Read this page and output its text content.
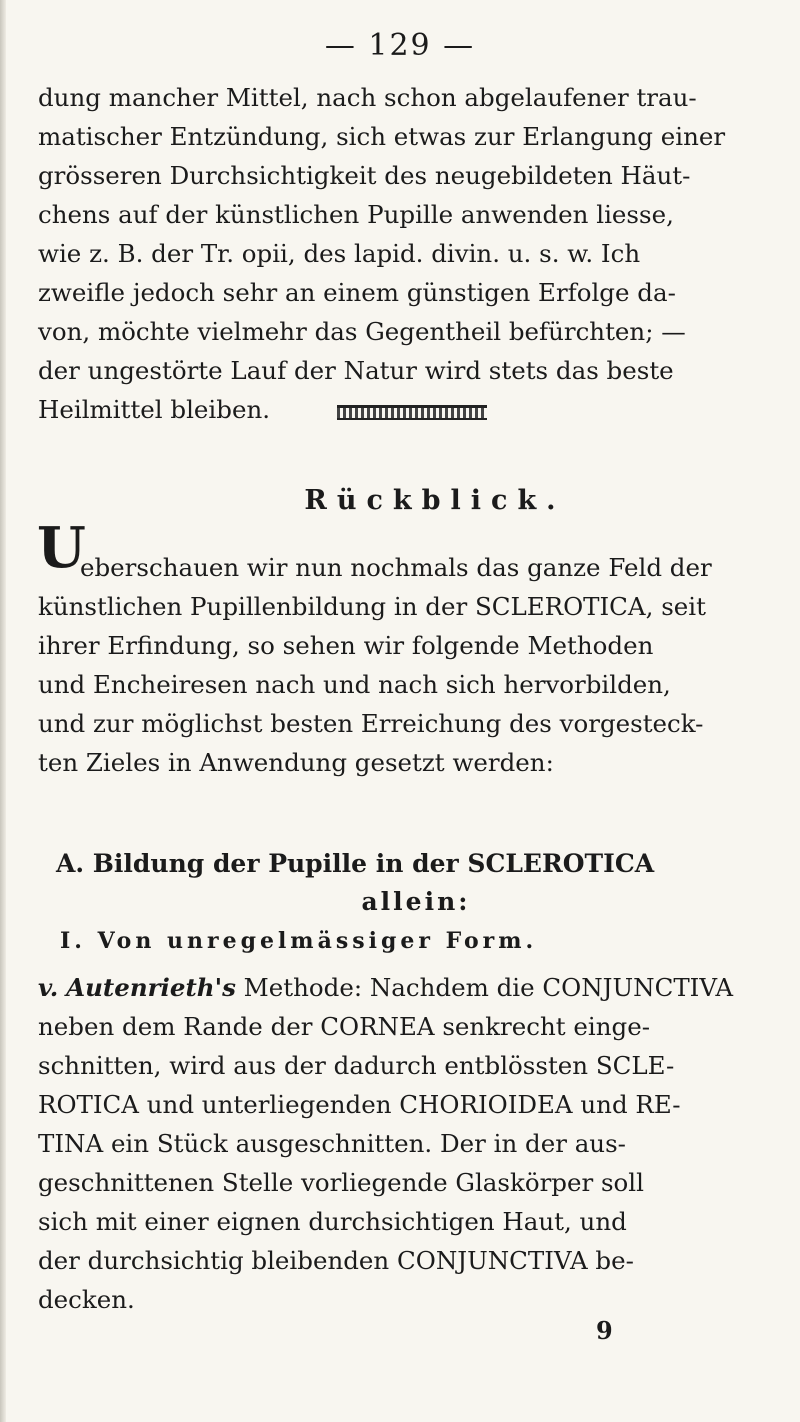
— 129 —
dung mancher Mittel, nach schon abgelaufener trau-
matischer Entzündung, sich etwas zur Erlangung einer
grösseren Durchsichtigkeit des neugebildeten Häut-
chens auf der künstlichen Pupille anwenden liesse,
wie z. B. der Tr. opii, des lapid. divin. u. s. w. Ich
zweifle jedoch sehr an einem günstigen Erfolge da-
von, möchte vielmehr das Gegentheil befürchten; —
der ungestörte Lauf der Natur wird stets das beste
Heilmittel bleiben.
Rückblick.
U
eberschauen wir nun nochmals das ganze Feld der
künstlichen Pupillenbildung in der SCLEROTICA, seit
ihrer Erfindung, so sehen wir folgende Methoden
und Encheiresen nach und nach sich hervorbilden,
und zur möglichst besten Erreichung des vorgesteck-
ten Zieles in Anwendung gesetzt werden:
A. Bildung der Pupille in der SCLEROTICA
allein:
I. Von unregelmässiger Form.
v. Autenrieth's Methode: Nachdem die CONJUNCTIVA
neben dem Rande der CORNEA senkrecht einge-
schnitten, wird aus der dadurch entblössten SCLE-
ROTICA und unterliegenden CHORIOIDEA und RE-
TINA ein Stück ausgeschnitten. Der in der aus-
geschnittenen Stelle vorliegende Glaskörper soll
sich mit einer eignen durchsichtigen Haut, und
der durchsichtig bleibenden CONJUNCTIVA be-
decken.
9
